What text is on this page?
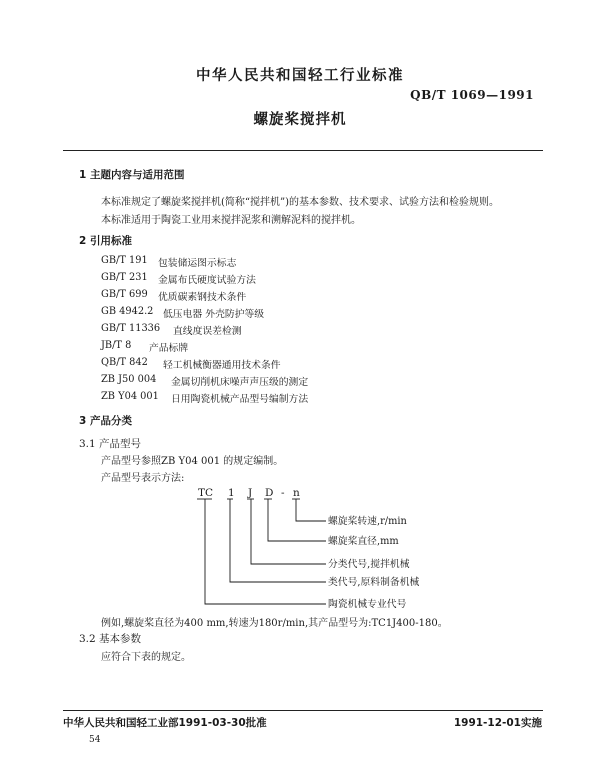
中华人民共和国轻工行业标准
QB/T 1069—1991
螺旋桨搅拌机
1 主题内容与适用范围
本标准规定了螺旋桨搅拌机(简称“搅拌机”)的基本参数、技术要求、试验方法和检验规则。
本标准适用于陶瓷工业用来搅拌泥浆和溯解泥料的搅拌机。
2 引用标准
GB/T 191 包装储运图示标志
GB/T 231 金属布氏硬度试验方法
GB/T 699 优质碳素钢技术条件
GB 4942.2 低压电器 外壳防护等级
GB/T 11336 直线度误差检测
JB/T 8 产品标牌
QB/T 842 轻工机械衡器通用技术条件
ZB J50 004 金属切削机床噪声声压级的测定
ZB Y04 001 日用陶瓷机械产品型号编制方法
3 产品分类
3.1 产品型号
产品型号参照ZB Y04 001 的规定编制。
产品型号表示方法:
TC 1 J D - n
螺旋桨转速,r/min
螺旋桨直径,mm
分类代号,搅拌机械
类代号,原料制备机械
陶瓷机械专业代号
例如,螺旋桨直径为400 mm,转速为180r/min,其产品型号为:TC1J400-180。
3.2 基本参数
应符合下表的规定。
中华人民共和国轻工业部1991-03-30批准	1991-12-01实施
54
